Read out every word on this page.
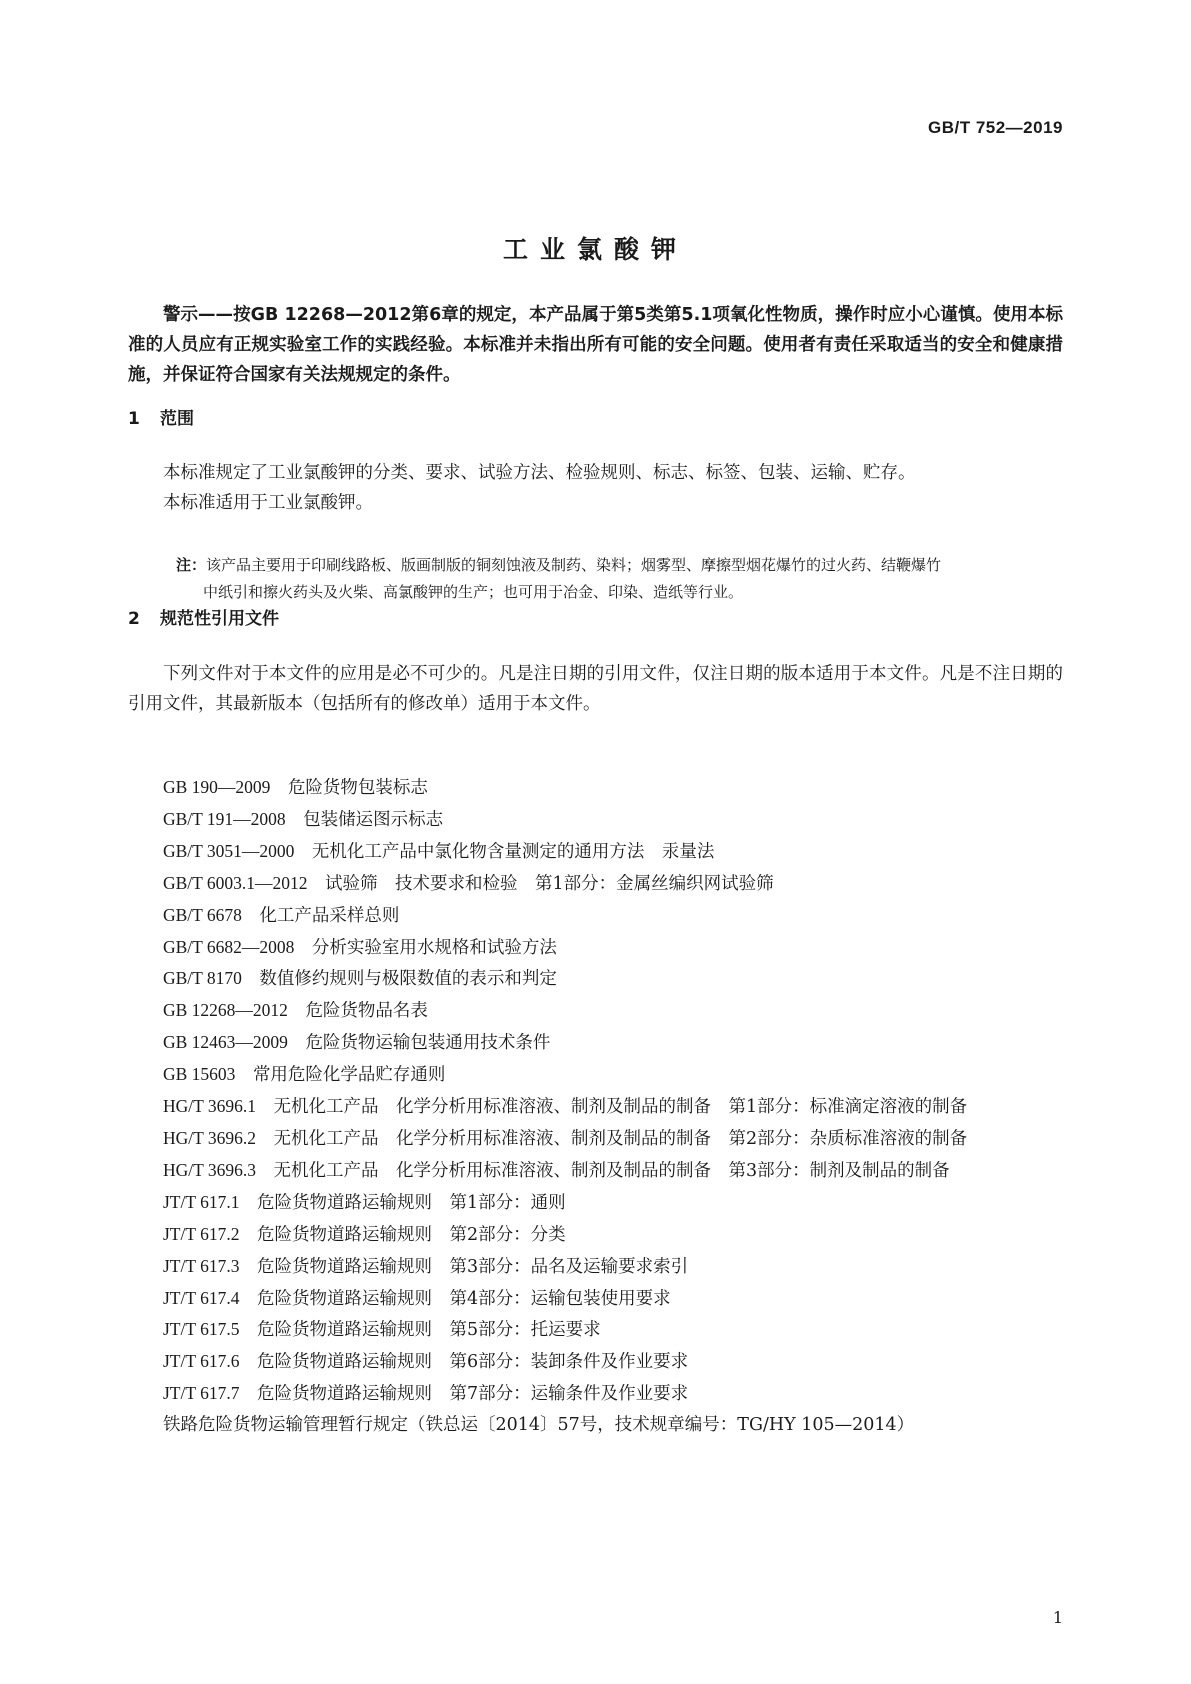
GB/T 752—2019
工业氯酸钾
警示——按GB 12268—2012第6章的规定，本产品属于第5类第5.1项氧化性物质，操作时应小心谨慎。使用本标准的人员应有正规实验室工作的实践经验。本标准并未指出所有可能的安全问题。使用者有责任采取适当的安全和健康措施，并保证符合国家有关法规规定的条件。
1 范围
本标准规定了工业氯酸钾的分类、要求、试验方法、检验规则、标志、标签、包装、运输、贮存。
本标准适用于工业氯酸钾。
注：该产品主要用于印刷线路板、版画制版的铜刻蚀液及制药、染料；烟雾型、摩擦型烟花爆竹的过火药、结鞭爆竹
中纸引和擦火药头及火柴、高氯酸钾的生产；也可用于冶金、印染、造纸等行业。
2 规范性引用文件
下列文件对于本文件的应用是必不可少的。凡是注日期的引用文件，仅注日期的版本适用于本文件。凡是不注日期的引用文件，其最新版本（包括所有的修改单）适用于本文件。
GB 190—2009　 危险货物包装标志
GB/T 191—2008　 包装储运图示标志
GB/T 3051—2000　 无机化工产品中氯化物含量测定的通用方法　汞量法
GB/T 6003.1—2012　 试验筛　技术要求和检验　第1部分：金属丝编织网试验筛
GB/T 6678　 化工产品采样总则
GB/T 6682—2008　 分析实验室用水规格和试验方法
GB/T 8170　 数值修约规则与极限数值的表示和判定
GB 12268—2012　 危险货物品名表
GB 12463—2009　 危险货物运输包装通用技术条件
GB 15603　 常用危险化学品贮存通则
HG/T 3696.1　 无机化工产品　化学分析用标准溶液、制剂及制品的制备　第1部分：标准滴定溶液的制备
HG/T 3696.2　 无机化工产品　化学分析用标准溶液、制剂及制品的制备　第2部分：杂质标准溶液的制备
HG/T 3696.3　 无机化工产品　化学分析用标准溶液、制剂及制品的制备　第3部分：制剂及制品的制备
JT/T 617.1　 危险货物道路运输规则　第1部分：通则
JT/T 617.2　 危险货物道路运输规则　第2部分：分类
JT/T 617.3　 危险货物道路运输规则　第3部分：品名及运输要求索引
JT/T 617.4　 危险货物道路运输规则　第4部分：运输包装使用要求
JT/T 617.5　 危险货物道路运输规则　第5部分：托运要求
JT/T 617.6　 危险货物道路运输规则　第6部分：装卸条件及作业要求
JT/T 617.7　 危险货物道路运输规则　第7部分：运输条件及作业要求
铁路危险货物运输管理暂行规定（铁总运〔2014〕57号，技术规章编号：TG/HY 105—2014）
1
